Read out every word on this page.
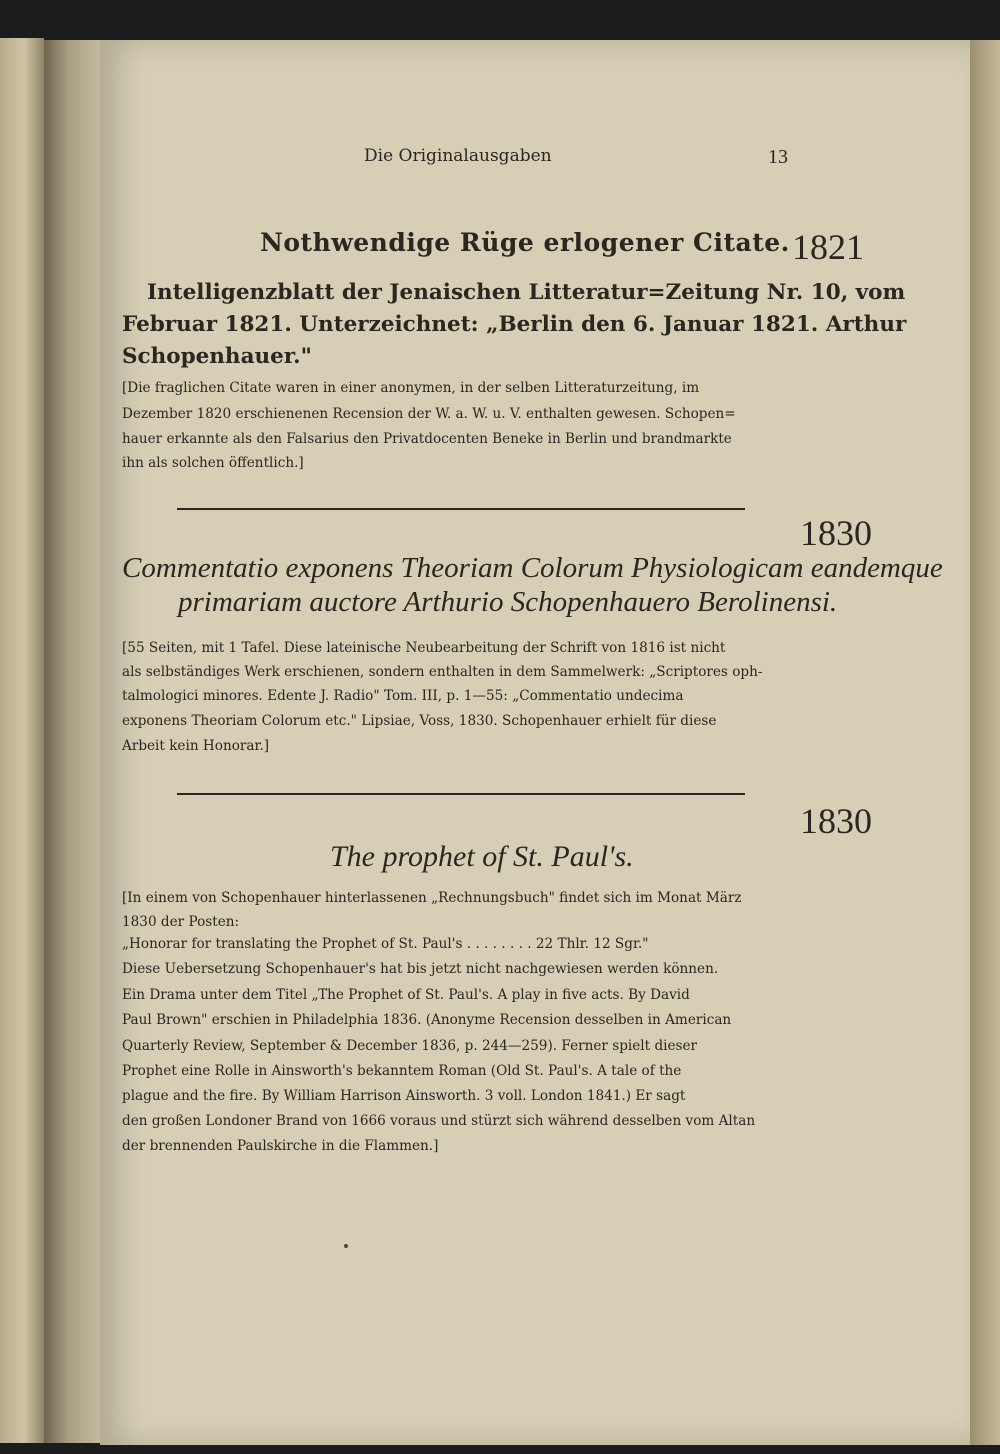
Die Originalausgaben	13
Nothwendige Rüge erlogener Citate. 1821
Intelligenzblatt der Jenaischen Litteratur=Zeitung Nr. 10, vom
Februar 1821. Unterzeichnet: „Berlin den 6. Januar 1821. Arthur
Schopenhauer."
[Die fraglichen Citate waren in einer anonymen, in der selben Litteraturzeitung, im
Dezember 1820 erschienenen Recension der W. a. W. u. V. enthalten gewesen. Schopen=
hauer erkannte als den Falsarius den Privatdocenten Beneke in Berlin und brandmarkte
ihn als solchen öffentlich.]
1830
Commentatio exponens Theoriam Colorum Physiologicam eandemque
primariam auctore Arthurio Schopenhauero Berolinensi.
[55 Seiten, mit 1 Tafel. Diese lateinische Neubearbeitung der Schrift von 1816 ist nicht
als selbständiges Werk erschienen, sondern enthalten in dem Sammelwerk: „Scriptores oph-
talmologici minores. Edente J. Radio" Tom. III, p. 1—55: „Commentatio undecima
exponens Theoriam Colorum etc." Lipsiae, Voss, 1830. Schopenhauer erhielt für diese
Arbeit kein Honorar.]
1830
The prophet of St. Paul's.
[In einem von Schopenhauer hinterlassenen „Rechnungsbuch" findet sich im Monat März
1830 der Posten:
„Honorar for translating the Prophet of St. Paul's . . . . . . . . 22 Thlr. 12 Sgr."
Diese Uebersetzung Schopenhauer's hat bis jetzt nicht nachgewiesen werden können.
Ein Drama unter dem Titel „The Prophet of St. Paul's. A play in five acts. By David
Paul Brown" erschien in Philadelphia 1836. (Anonyme Recension desselben in American
Quarterly Review, September & December 1836, p. 244—259). Ferner spielt dieser
Prophet eine Rolle in Ainsworth's bekanntem Roman (Old St. Paul's. A tale of the
plague and the fire. By William Harrison Ainsworth. 3 voll. London 1841.) Er sagt
den großen Londoner Brand von 1666 voraus und stürzt sich während desselben vom Altan
der brennenden Paulskirche in die Flammen.]
